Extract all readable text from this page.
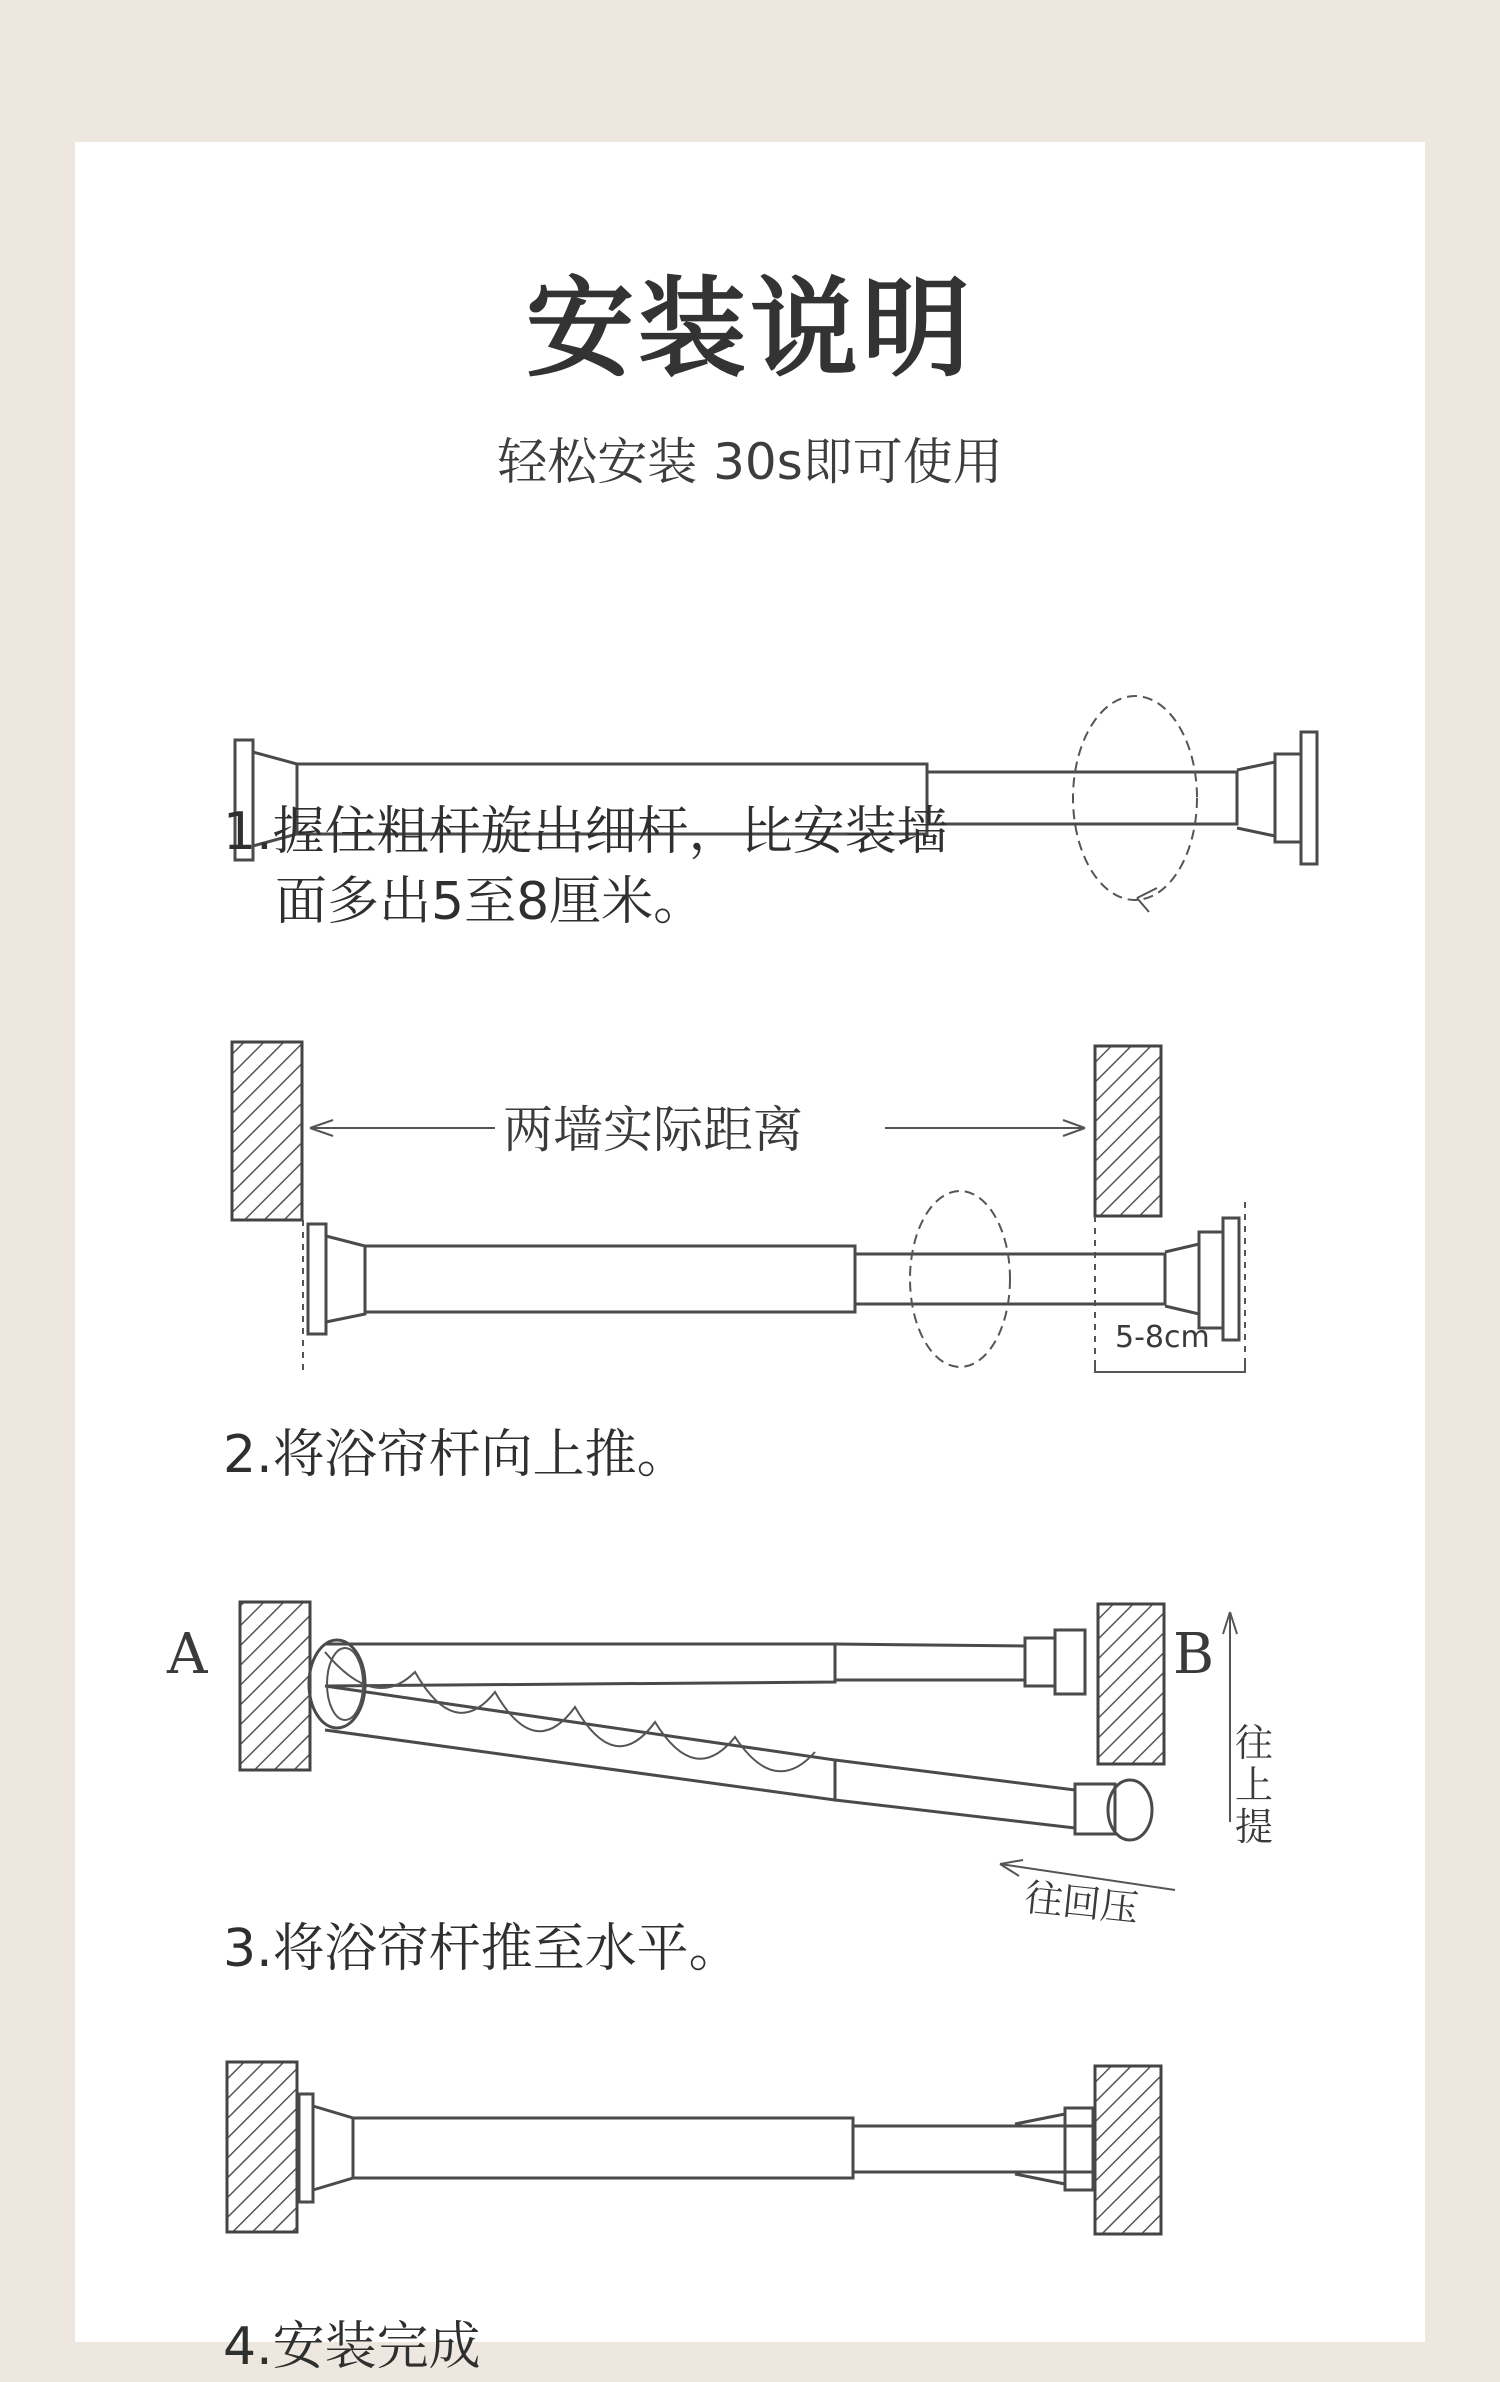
安装说明
轻松安装 30s即可使用
1.握住粗杆旋出细杆，比安装墙
面多出5至8厘米。
两墙实际距离
5-8cm
2.将浴帘杆向上推。
A	B
往上提
往回压
3.将浴帘杆推至水平。
4.安装完成
